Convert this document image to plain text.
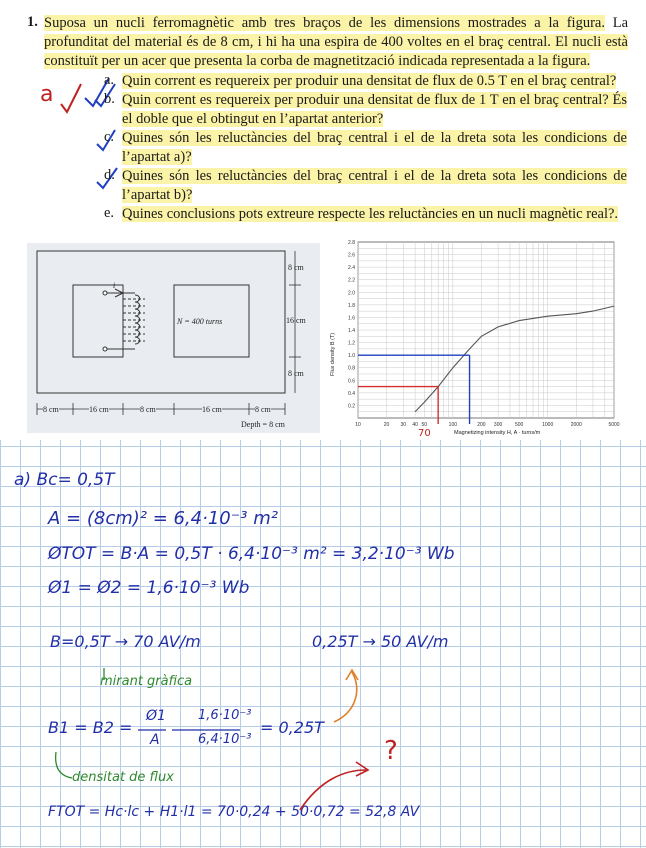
1. Suposa un nucli ferromagnètic amb tres braços de les dimensions mostrades a la figura. La profunditat del material és de 8 cm, i hi ha una espira de 400 voltes en el braç central. El nucli està constituït per un acer que presenta la corba de magnetització indicada representada a la figura.
a
a. Quin corrent es requereix per produir una densitat de flux de 0.5 T en el braç central?
b. Quin corrent es requereix per produir una densitat de flux de 1 T en el braç central? És el doble que el obtingut en l’apartat anterior?
c. Quines són les reluctàncies del braç central i el de la dreta sota les condicions de l’apartat a)?
d. Quines són les reluctàncies del braç central i el de la dreta sota les condicions de l’apartat b)?
e. Quines conclusions pots extreure respecte les reluctàncies en un nucli magnètic real?.
i
N = 400 turns
8 cm
16 cm
8 cm
8 cm	16 cm	8 cm	16 cm	8 cm
Depth = 8 cm
0.2
0.4
0.6
0.8
1.0
1.2
1.4
1.6
1.8
2.0
2.2
2.4
2.6
2.8
10	20 30 40 50	100	200 300	500	1000	2000	5000
Flux density B (T)
Magnetizing intensity H, A · turns/m
70
a) Bc= 0,5T
A = (8cm)² = 6,4·10⁻³ m²
ØTOT = B·A = 0,5T · 6,4·10⁻³ m² = 3,2·10⁻³ Wb
Ø1 = Ø2 = 1,6·10⁻³ Wb
B=0,5T → 70 AV/m	0,25T → 50 AV/m
mirant gràfica
B1 = B2 =
Ø1
A
1,6·10⁻³
6,4·10⁻³
= 0,25T
densitat de flux
?
FTOT = Hc·lc + H1·l1 = 70·0,24 + 50·0,72 = 52,8 AV
